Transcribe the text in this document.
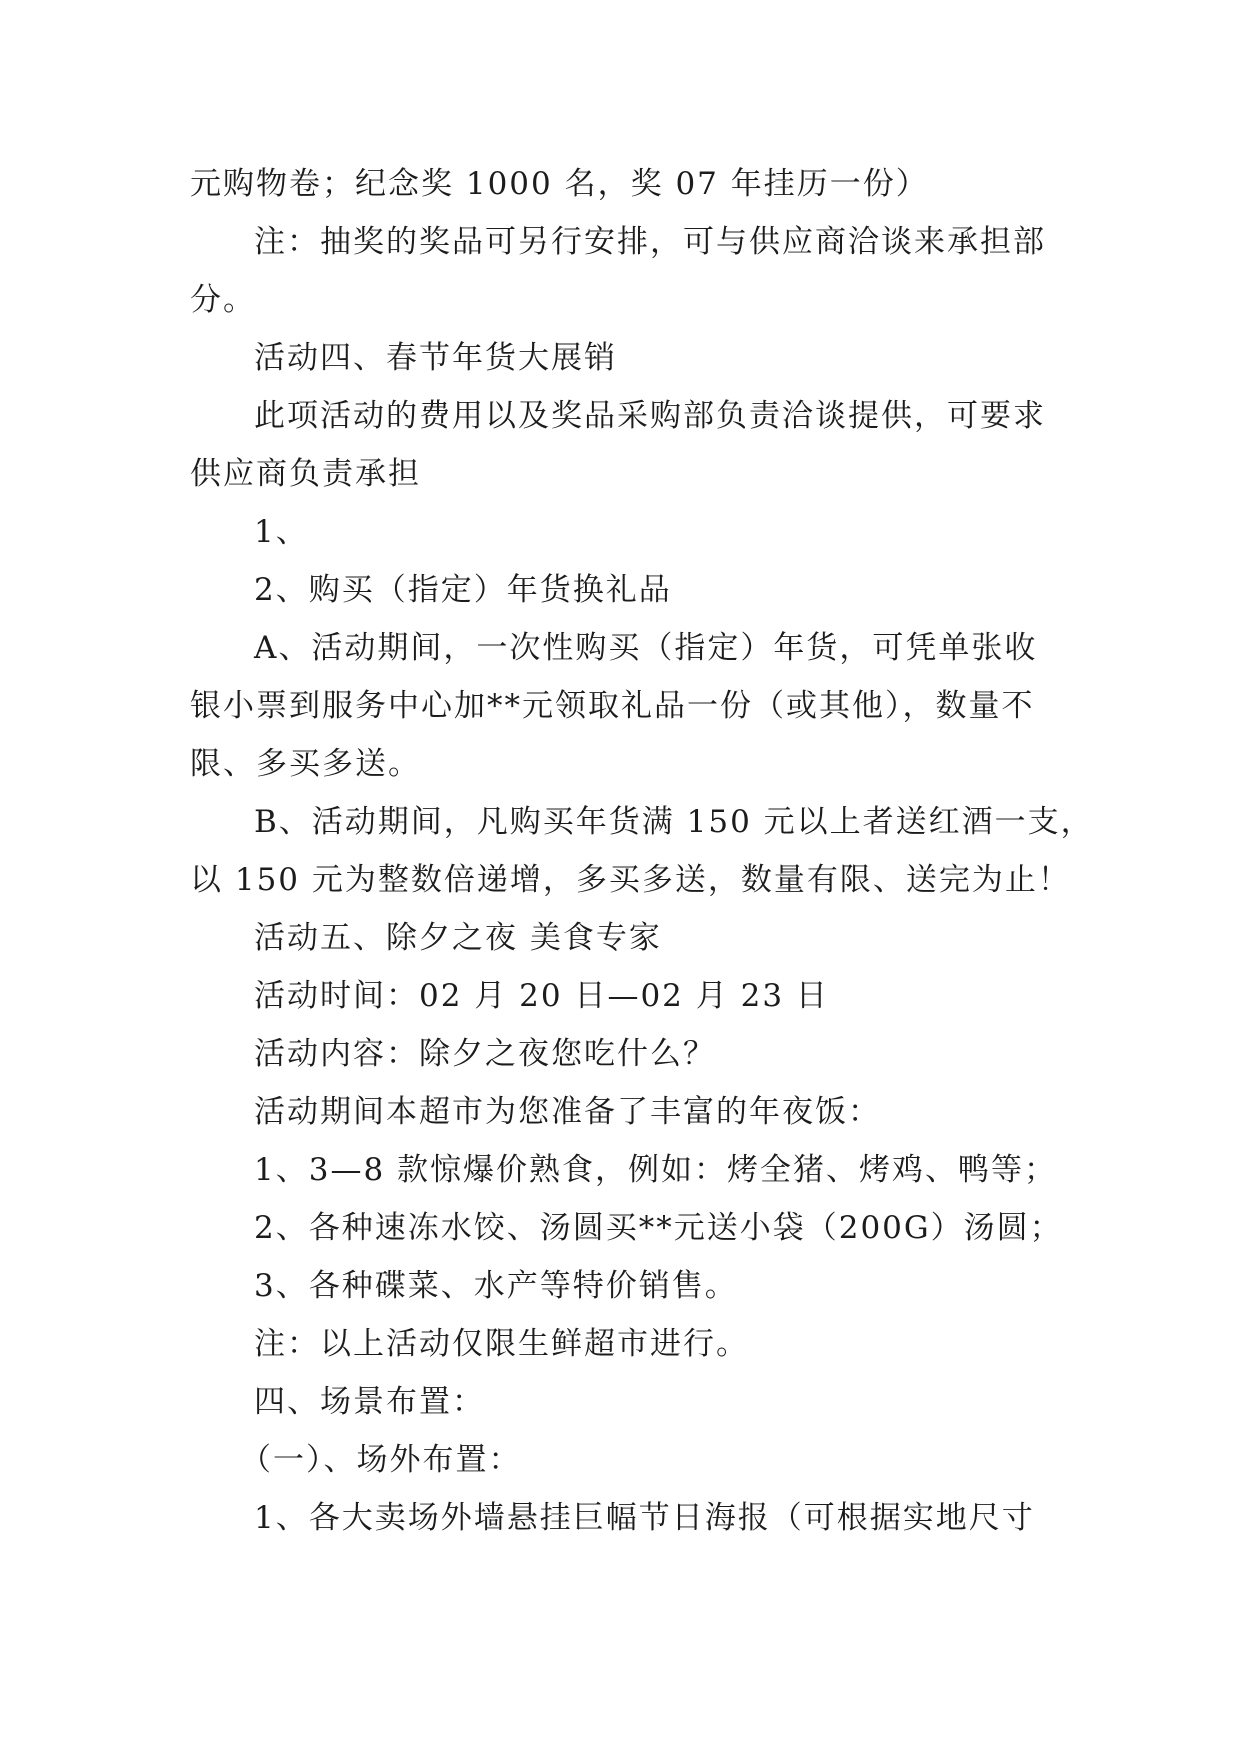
元购物卷；纪念奖 1000 名，奖 07 年挂历一份）
注：抽奖的奖品可另行安排，可与供应商洽谈来承担部
分。
活动四、春节年货大展销
此项活动的费用以及奖品采购部负责洽谈提供，可要求
供应商负责承担
1、
2、购买（指定）年货换礼品
A、活动期间，一次性购买（指定）年货，可凭单张收
银小票到服务中心加**元领取礼品一份（或其他），数量不
限、多买多送。
B、活动期间，凡购买年货满 150 元以上者送红酒一支，
以 150 元为整数倍递增，多买多送，数量有限、送完为止！
活动五、除夕之夜 美食专家
活动时间：02 月 20 日—02 月 23 日
活动内容：除夕之夜您吃什么？
活动期间本超市为您准备了丰富的年夜饭：
1、3—8 款惊爆价熟食，例如：烤全猪、烤鸡、鸭等；
2、各种速冻水饺、汤圆买**元送小袋（200G）汤圆；
3、各种碟菜、水产等特价销售。
注：以上活动仅限生鲜超市进行。
四、场景布置：
（一）、场外布置：
1、各大卖场外墙悬挂巨幅节日海报（可根据实地尺寸
